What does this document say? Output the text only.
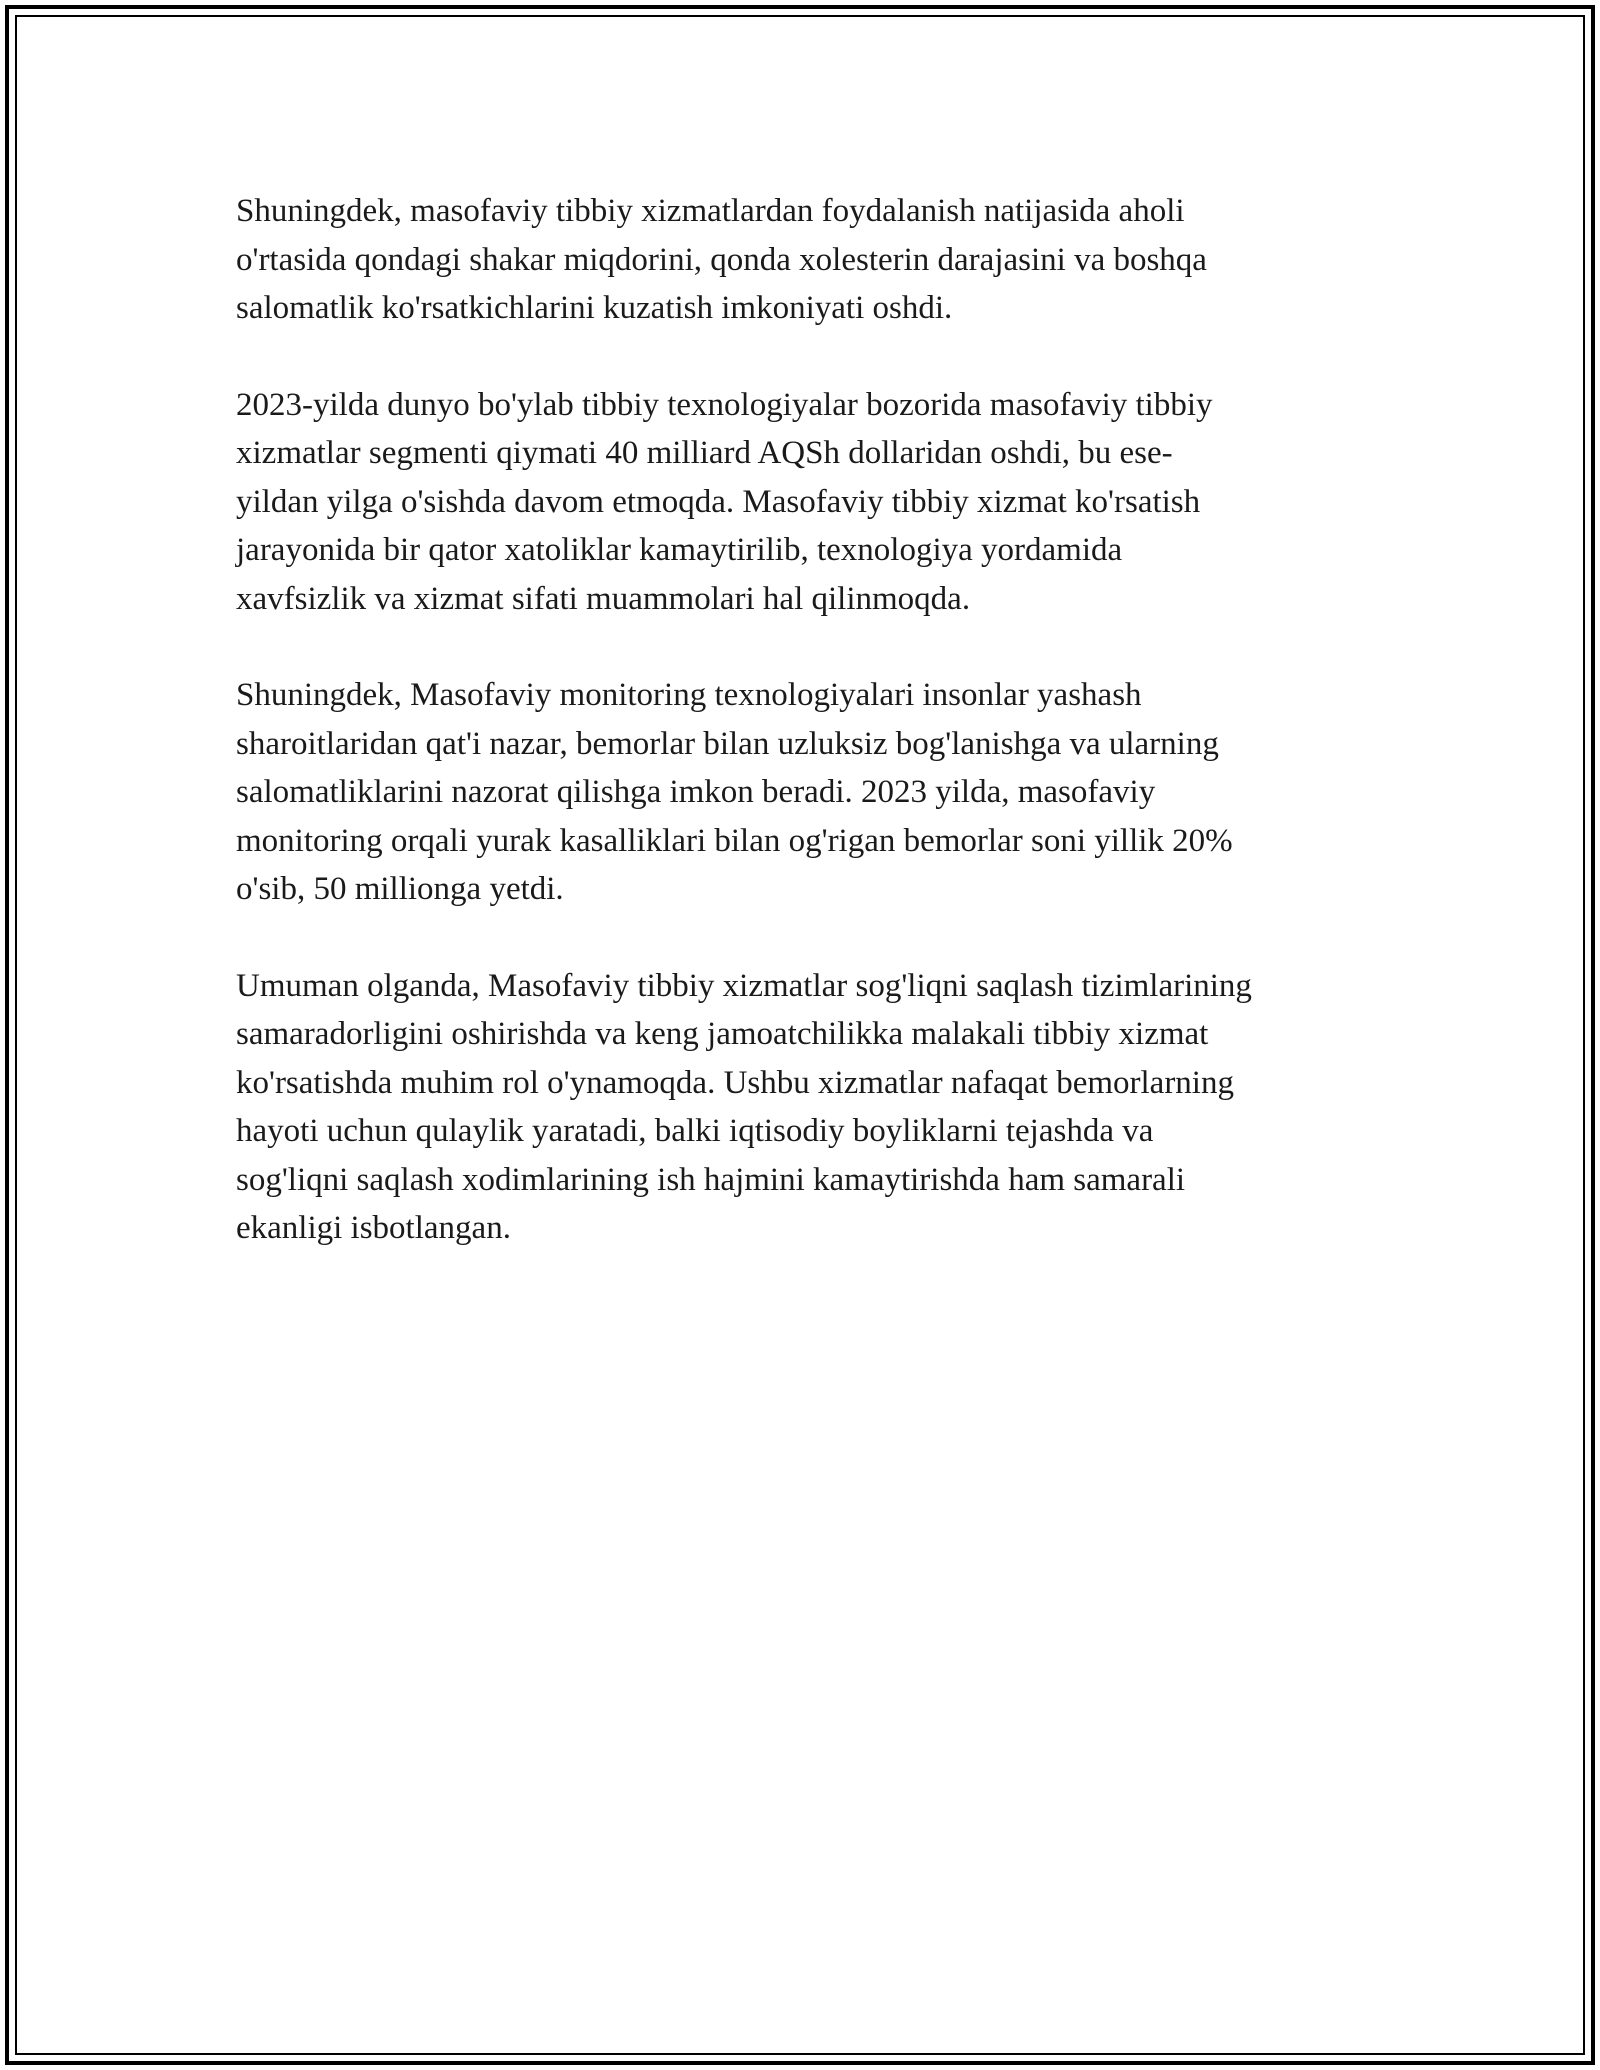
Shuningdek, masofaviy tibbiy xizmatlardan foydalanish natijasida aholi
o'rtasida qondagi shakar miqdorini, qonda xolesterin darajasini va boshqa
salomatlik ko'rsatkichlarini kuzatish imkoniyati oshdi.

2023-yilda dunyo bo'ylab tibbiy texnologiyalar bozorida masofaviy tibbiy
xizmatlar segmenti qiymati 40 milliard AQSh dollaridan oshdi, bu ese-
yildan yilga o'sishda davom etmoqda. Masofaviy tibbiy xizmat ko'rsatish
jarayonida bir qator xatoliklar kamaytirilib, texnologiya yordamida
xavfsizlik va xizmat sifati muammolari hal qilinmoqda.

Shuningdek, Masofaviy monitoring texnologiyalari insonlar yashash
sharoitlaridan qat'i nazar, bemorlar bilan uzluksiz bog'lanishga va ularning
salomatliklarini nazorat qilishga imkon beradi. 2023 yilda, masofaviy
monitoring orqali yurak kasalliklari bilan og'rigan bemorlar soni yillik 20%
o'sib, 50 millionga yetdi.

Umuman olganda, Masofaviy tibbiy xizmatlar sog'liqni saqlash tizimlarining
samaradorligini oshirishda va keng jamoatchilikka malakali tibbiy xizmat
ko'rsatishda muhim rol o'ynamoqda. Ushbu xizmatlar nafaqat bemorlarning
hayoti uchun qulaylik yaratadi, balki iqtisodiy boyliklarni tejashda va
sog'liqni saqlash xodimlarining ish hajmini kamaytirishda ham samarali
ekanligi isbotlangan.
